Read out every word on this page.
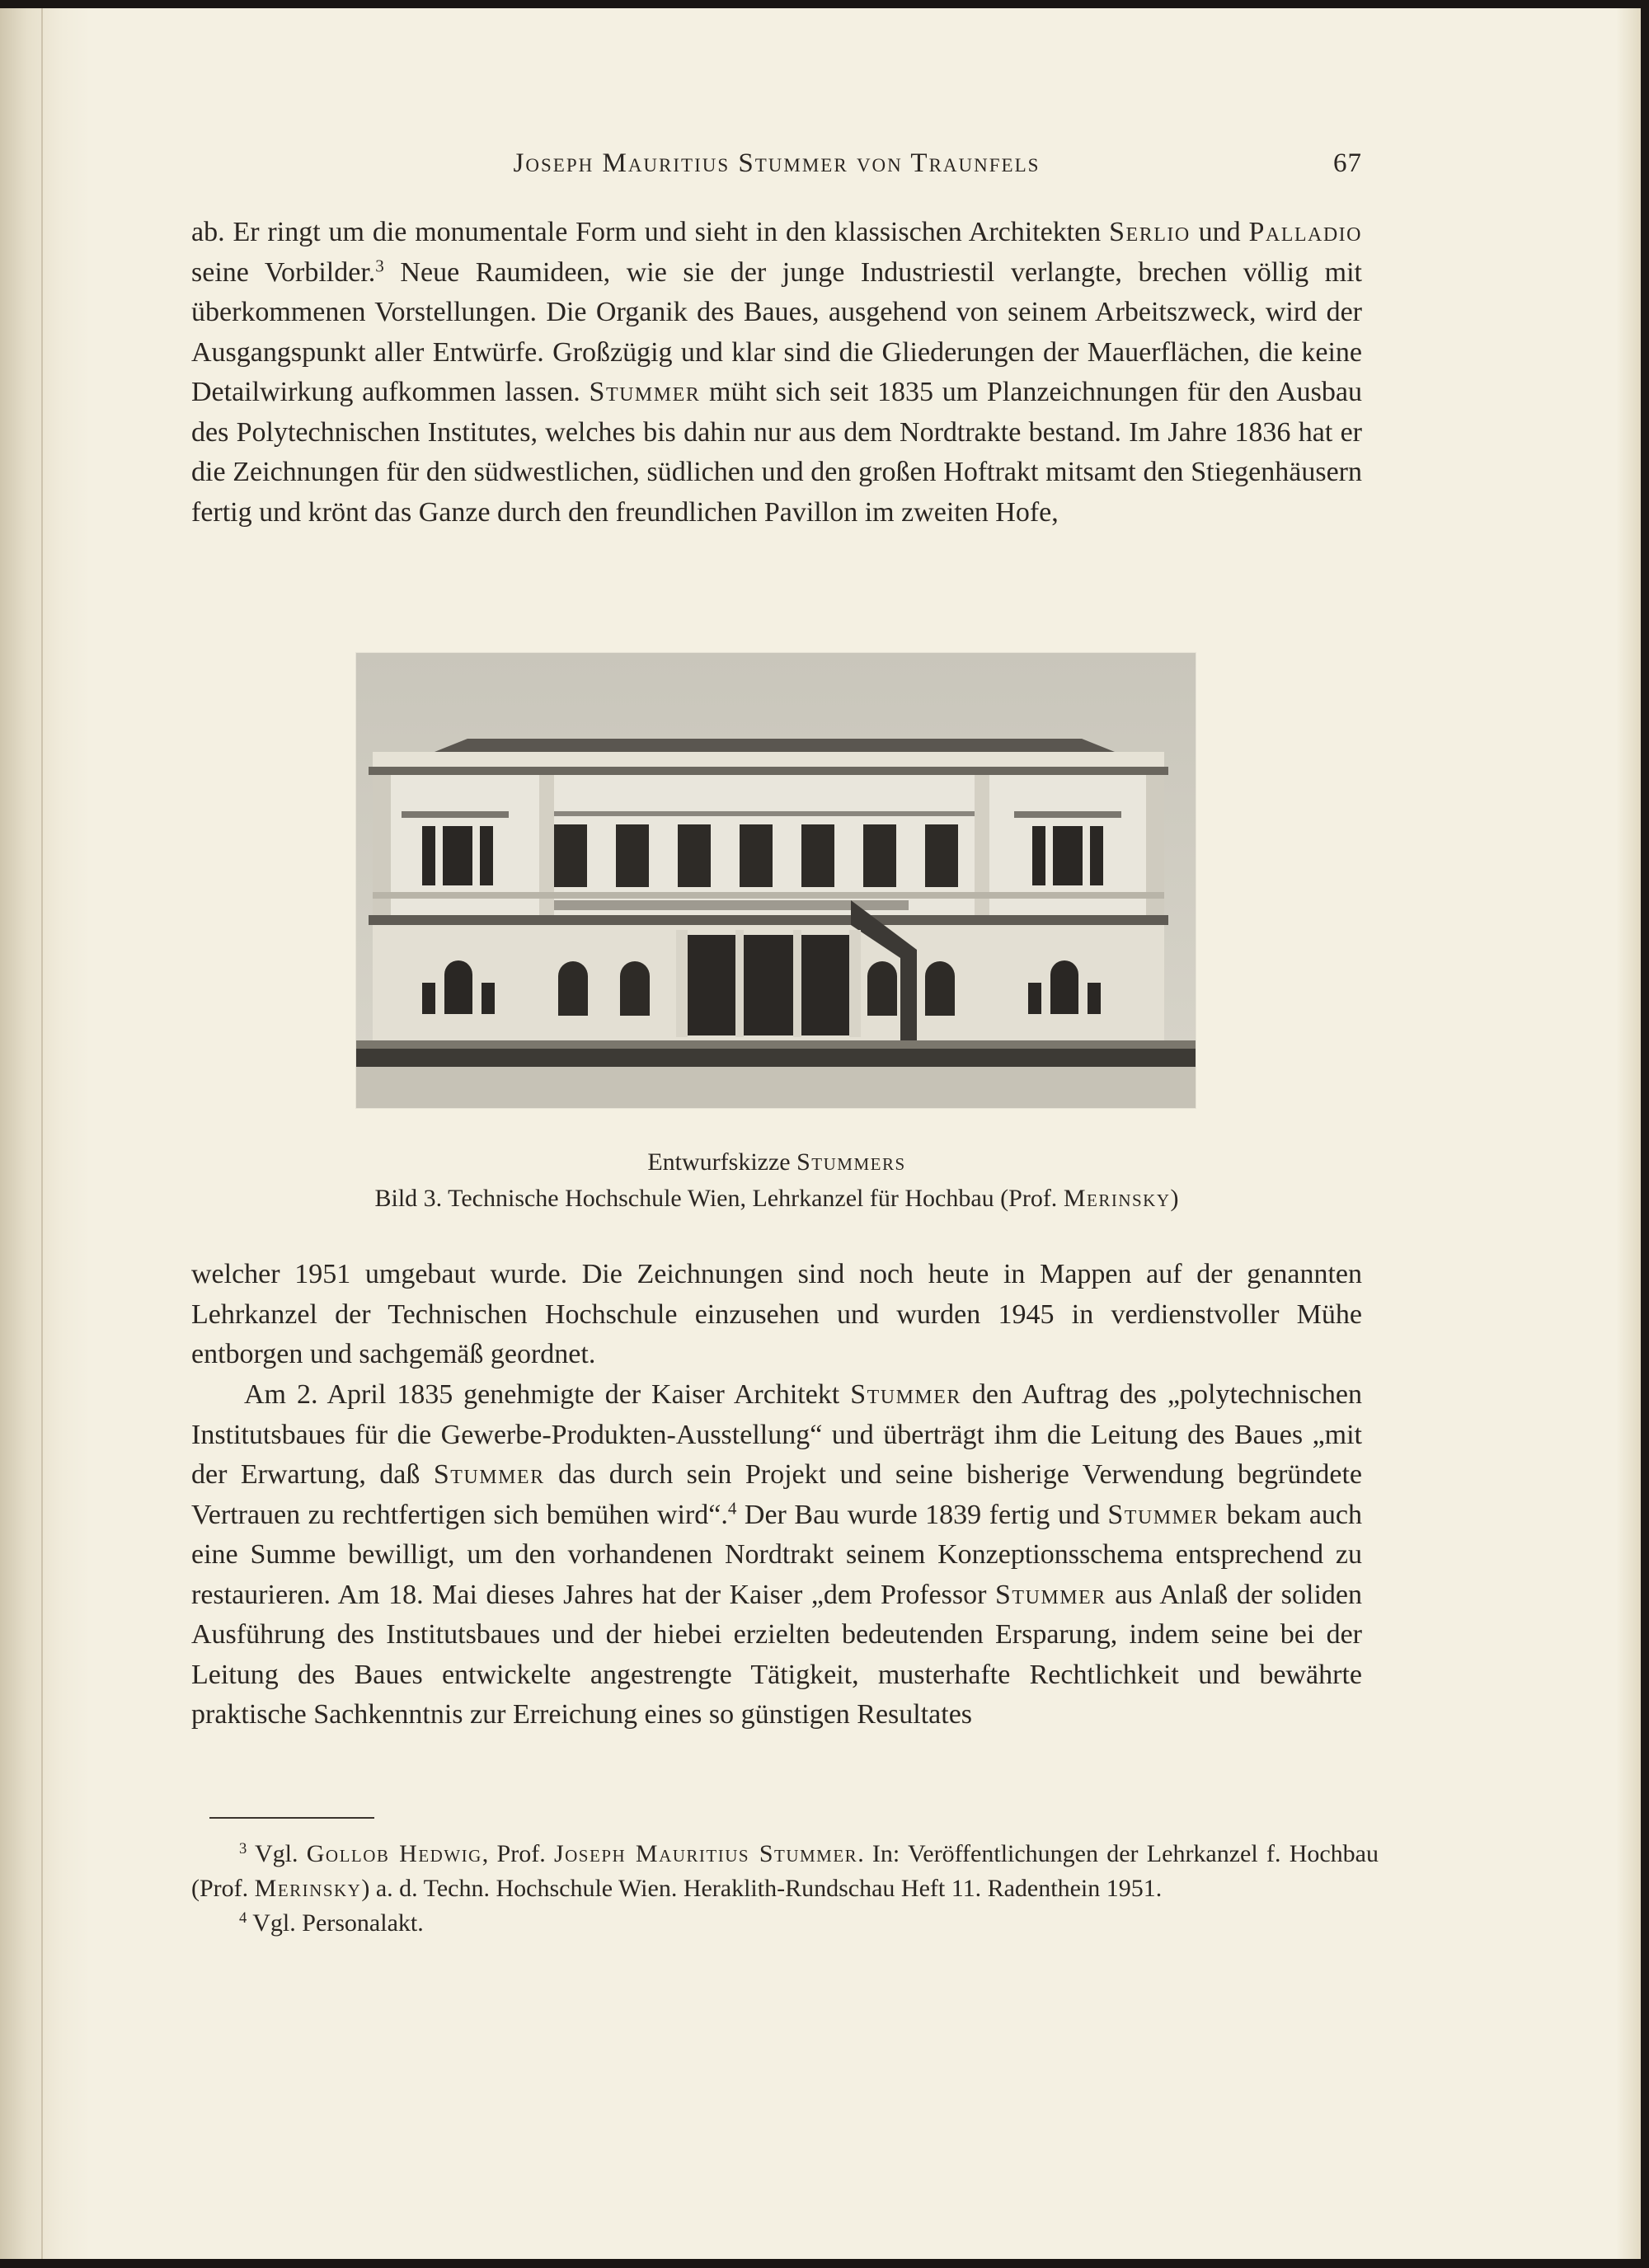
Joseph Mauritius Stummer von Traunfels	67

ab. Er ringt um die monumentale Form und sieht in den klassischen Architekten Serlio und Palladio seine Vorbilder.$^3$ Neue Raumideen, wie sie der junge Industriestil verlangte, brechen völlig mit überkommenen Vorstellungen. Die Organik des Baues, ausgehend von seinem Arbeitszweck, wird der Ausgangspunkt aller Entwürfe. Großzügig und klar sind die Gliederungen der Mauerflächen, die keine Detailwirkung aufkommen lassen. Stummer müht sich seit 1835 um Planzeichnungen für den Ausbau des Polytechnischen Institutes, welches bis dahin nur aus dem Nordtrakte bestand. Im Jahre 1836 hat er die Zeichnungen für den südwestlichen, südlichen und den großen Hoftrakt mitsamt den Stiegenhäusern fertig und krönt das Ganze durch den freundlichen Pavillon im zweiten Hofe,

Entwurfskizze Stummers
Bild 3. Technische Hochschule Wien, Lehrkanzel für Hochbau (Prof. Merinsky)

welcher 1951 umgebaut wurde. Die Zeichnungen sind noch heute in Mappen auf der genannten Lehrkanzel der Technischen Hochschule einzusehen und wurden 1945 in verdienstvoller Mühe entborgen und sachgemäß geordnet.

Am 2. April 1835 genehmigte der Kaiser Architekt Stummer den Auftrag des „polytechnischen Institutsbaues für die Gewerbe-Produkten-Ausstellung“ und überträgt ihm die Leitung des Baues „mit der Erwartung, daß Stummer das durch sein Projekt und seine bisherige Verwendung begründete Vertrauen zu rechtfertigen sich bemühen wird“.$^4$ Der Bau wurde 1839 fertig und Stummer bekam auch eine Summe bewilligt, um den vorhandenen Nordtrakt seinem Konzeptionsschema entsprechend zu restaurieren. Am 18. Mai dieses Jahres hat der Kaiser „dem Professor Stummer aus Anlaß der soliden Ausführung des Institutsbaues und der hiebei erzielten bedeutenden Ersparung, indem seine bei der Leitung des Baues entwickelte angestrengte Tätigkeit, musterhafte Rechtlichkeit und bewährte praktische Sachkenntnis zur Erreichung eines so günstigen Resultates

$^3$ Vgl. Gollob Hedwig, Prof. Joseph Mauritius Stummer. In: Veröffentlichungen der Lehrkanzel f. Hochbau (Prof. Merinsky) a. d. Techn. Hochschule Wien. Heraklith-Rundschau Heft 11. Radenthein 1951.

$^4$ Vgl. Personalakt.
